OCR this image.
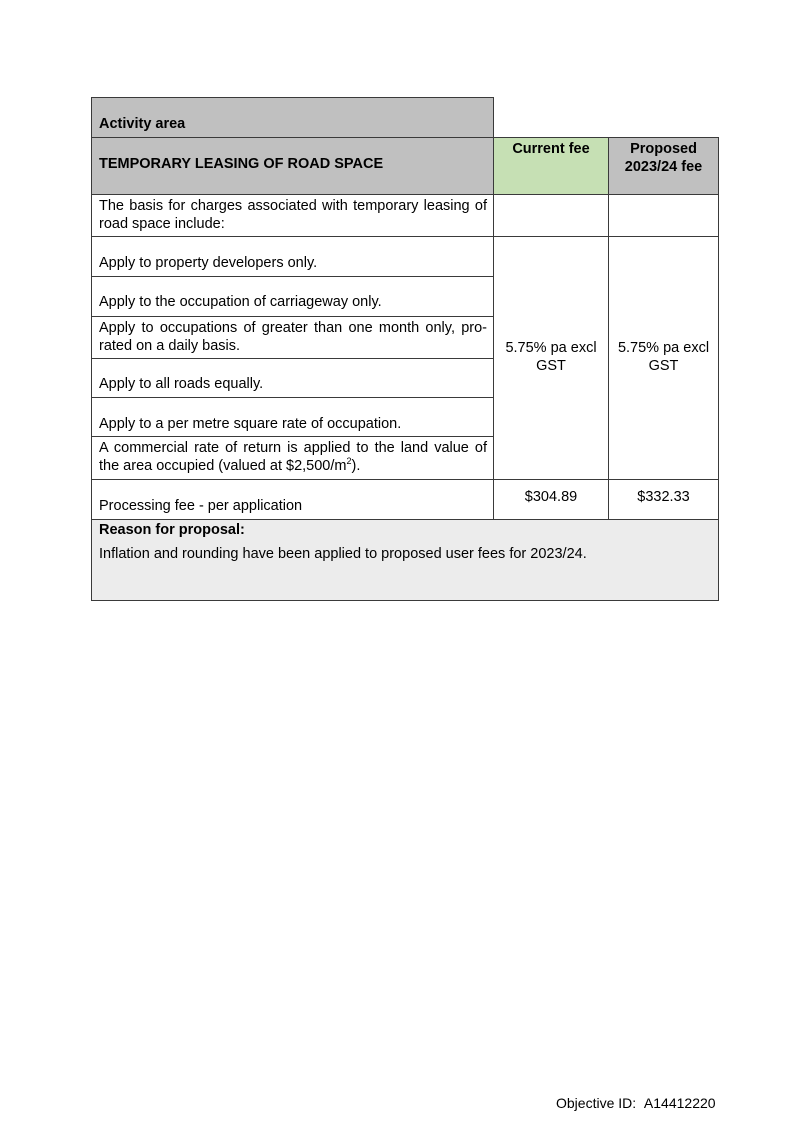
Activity area
TEMPORARY LEASING OF ROAD SPACE
Current fee	Proposed
2023/24 fee
The basis for charges associated with temporary leasing of road space include:
Apply to property developers only.
Apply to the occupation of carriageway only.
Apply to occupations of greater than one month only, pro-rated on a daily basis.
Apply to all roads equally.
Apply to a per metre square rate of occupation.
A commercial rate of return is applied to the land value of the area occupied (valued at $\$2,500/m^2$).
5.75% pa excl
GST
5.75% pa excl
GST
Processing fee - per application
$304.89	$332.33
Reason for proposal:
Inflation and rounding have been applied to proposed user fees for 2023/24.
Objective ID: A14412220
